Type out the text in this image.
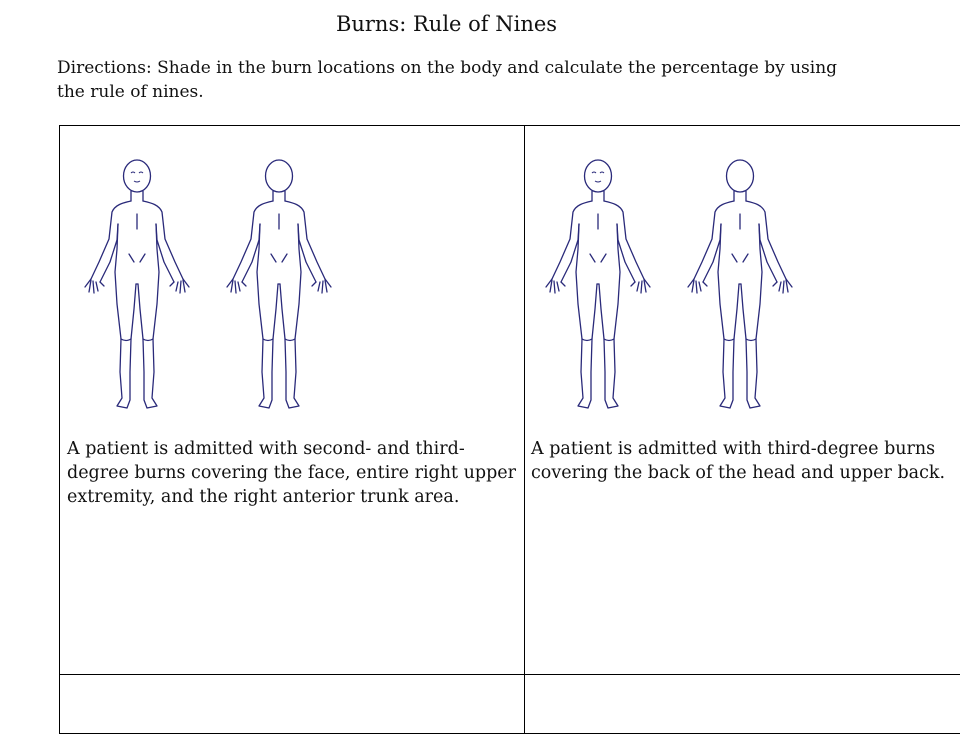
Burns: Rule of Nines
Directions: Shade in the burn locations on the body and calculate the percentage by using the rule of nines.
A patient is admitted with second- and third-degree burns covering the face, entire right upper extremity, and the right anterior trunk area.
A patient is admitted with third-degree burns covering the back of the head and upper back.
